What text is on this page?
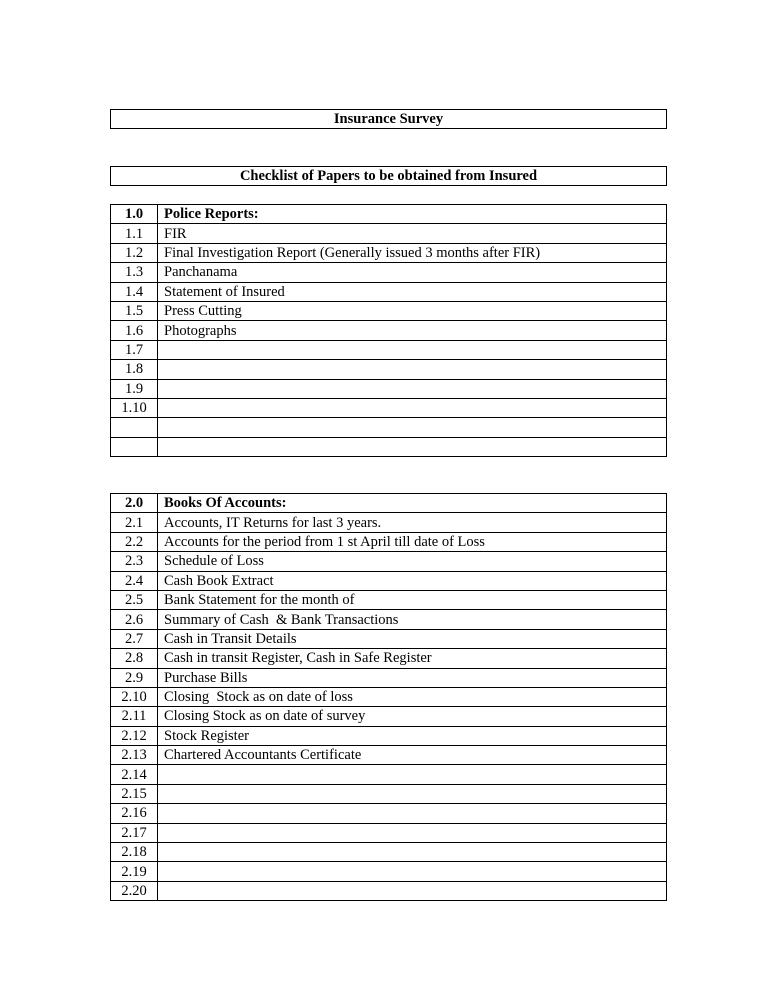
Insurance Survey
Checklist of Papers to be obtained from Insured
1.0	Police Reports:
1.1	FIR
1.2	Final Investigation Report (Generally issued 3 months after FIR)
1.3	Panchanama
1.4	Statement of Insured
1.5	Press Cutting
1.6	Photographs
1.7	
1.8	
1.9	
1.10	

2.0	Books Of Accounts:
2.1	Accounts, IT Returns for last 3 years.
2.2	Accounts for the period from 1 st April till date of Loss
2.3	Schedule of Loss
2.4	Cash Book Extract
2.5	Bank Statement for the month of
2.6	Summary of Cash  & Bank Transactions
2.7	Cash in Transit Details
2.8	Cash in transit Register, Cash in Safe Register
2.9	Purchase Bills
2.10	Closing  Stock as on date of loss
2.11	Closing Stock as on date of survey
2.12	Stock Register
2.13	Chartered Accountants Certificate
2.14	
2.15	
2.16	
2.17	
2.18	
2.19	
2.20	
